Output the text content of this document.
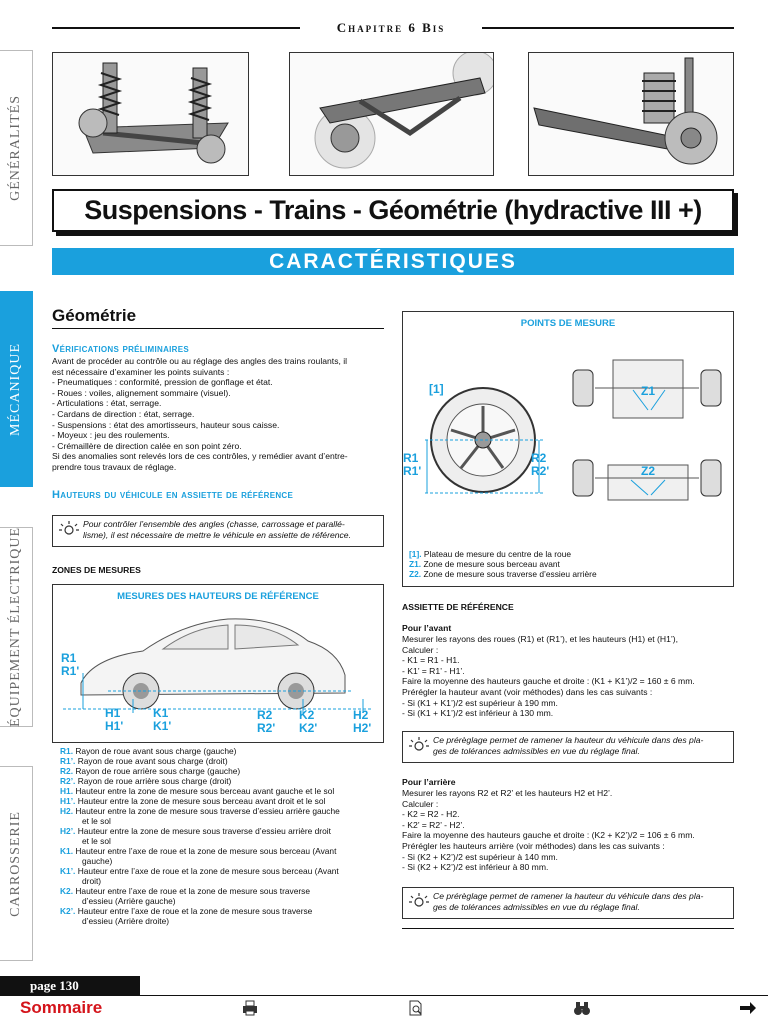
Chapitre 6 Bis
GÉNÉRALITÉS
MÉCANIQUE
ÉQUIPEMENT ÉLECTRIQUE
CARROSSERIE
Suspensions - Trains - Géométrie (hydractive III +)
CARACTÉRISTIQUES
Géométrie
Vérifications préliminaires
Avant de procéder au contrôle ou au réglage des angles des trains roulants, il
est nécessaire d’examiner les points suivants :
- Pneumatiques : conformité, pression de gonflage et état.
- Roues : voiles, alignement sommaire (visuel).
- Articulations : état, serrage.
- Cardans de direction : état, serrage.
- Suspensions : état des amortisseurs, hauteur sous caisse.
- Moyeux : jeu des roulements.
- Crémaillère de direction calée en son point zéro.
Si des anomalies sont relevés lors de ces contrôles, y remédier avant d’entre-
prendre tous travaux de réglage.
Hauteurs du véhicule en assiette de référence
Pour contrôler l’ensemble des angles (chasse, carrossage et parallé-
lisme), il est nécessaire de mettre le véhicule en assiette de référence.
ZONES DE MESURES
MESURES DES HAUTEURS DE RÉFÉRENCE
R1
R1'
H1
H1'
K1
K1'
R2
R2'
K2
K2'
H2
H2'
R1. Rayon de roue avant sous charge (gauche)
R1’. Rayon de roue avant sous charge (droit)
R2. Rayon de roue arrière sous charge (gauche)
R2’. Rayon de roue arrière sous charge (droit)
H1. Hauteur entre la zone de mesure sous berceau avant gauche et le sol
H1’. Hauteur entre la zone de mesure sous berceau avant droit et le sol
H2. Hauteur entre la zone de mesure sous traverse d’essieu arrière gauche
et le sol
H2’. Hauteur entre la zone de mesure sous traverse d’essieu arrière droit
et le sol
K1. Hauteur entre l’axe de roue et la zone de mesure sous berceau (Avant
gauche)
K1’. Hauteur entre l’axe de roue et la zone de mesure sous berceau (Avant
droit)
K2. Hauteur entre l’axe de roue et la zone de mesure sous traverse
d’essieu (Arrière gauche)
K2’. Hauteur entre l’axe de roue et la zone de mesure sous traverse
d’essieu (Arrière droite)
POINTS DE MESURE
[1]
R1
R1'
R2
R2'
Z1
Z2
[1]. Plateau de mesure du centre de la roue
Z1. Zone de mesure sous berceau avant
Z2. Zone de mesure sous traverse d’essieu arrière
ASSIETTE DE RÉFÉRENCE
Pour l’avant
Mesurer les rayons des roues (R1) et (R1’), et les hauteurs (H1) et (H1’),
Calculer :
- K1 = R1 - H1.
- K1’ = R1’ - H1’.
Faire la moyenne des hauteurs gauche et droite : (K1 + K1’)/2 = 160 ± 6 mm.
Prérégler la hauteur avant (voir méthodes) dans les cas suivants :
- Si (K1 + K1’)/2 est supérieur à 190 mm.
- Si (K1 + K1’)/2 est inférieur à 130 mm.
Ce prérèglage permet de ramener la hauteur du véhicule dans des pla-
ges de tolérances admissibles en vue du réglage final.
Pour l’arrière
Mesurer les rayons R2 et R2’ et les hauteurs H2 et H2’.
Calculer :
- K2 = R2 - H2.
- K2’ = R2’ - H2’.
Faire la moyenne des hauteurs gauche et droite : (K2 + K2’)/2 = 106 ± 6 mm.
Prérégler les hauteurs arrière (voir méthodes) dans les cas suivants :
- Si (K2 + K2’)/2 est supérieur à 140 mm.
- Si (K2 + K2’)/2 est inférieur à 80 mm.
Ce prérèglage permet de ramener la hauteur du véhicule dans des pla-
ges de tolérances admissibles en vue du réglage final.
page 130
Sommaire
